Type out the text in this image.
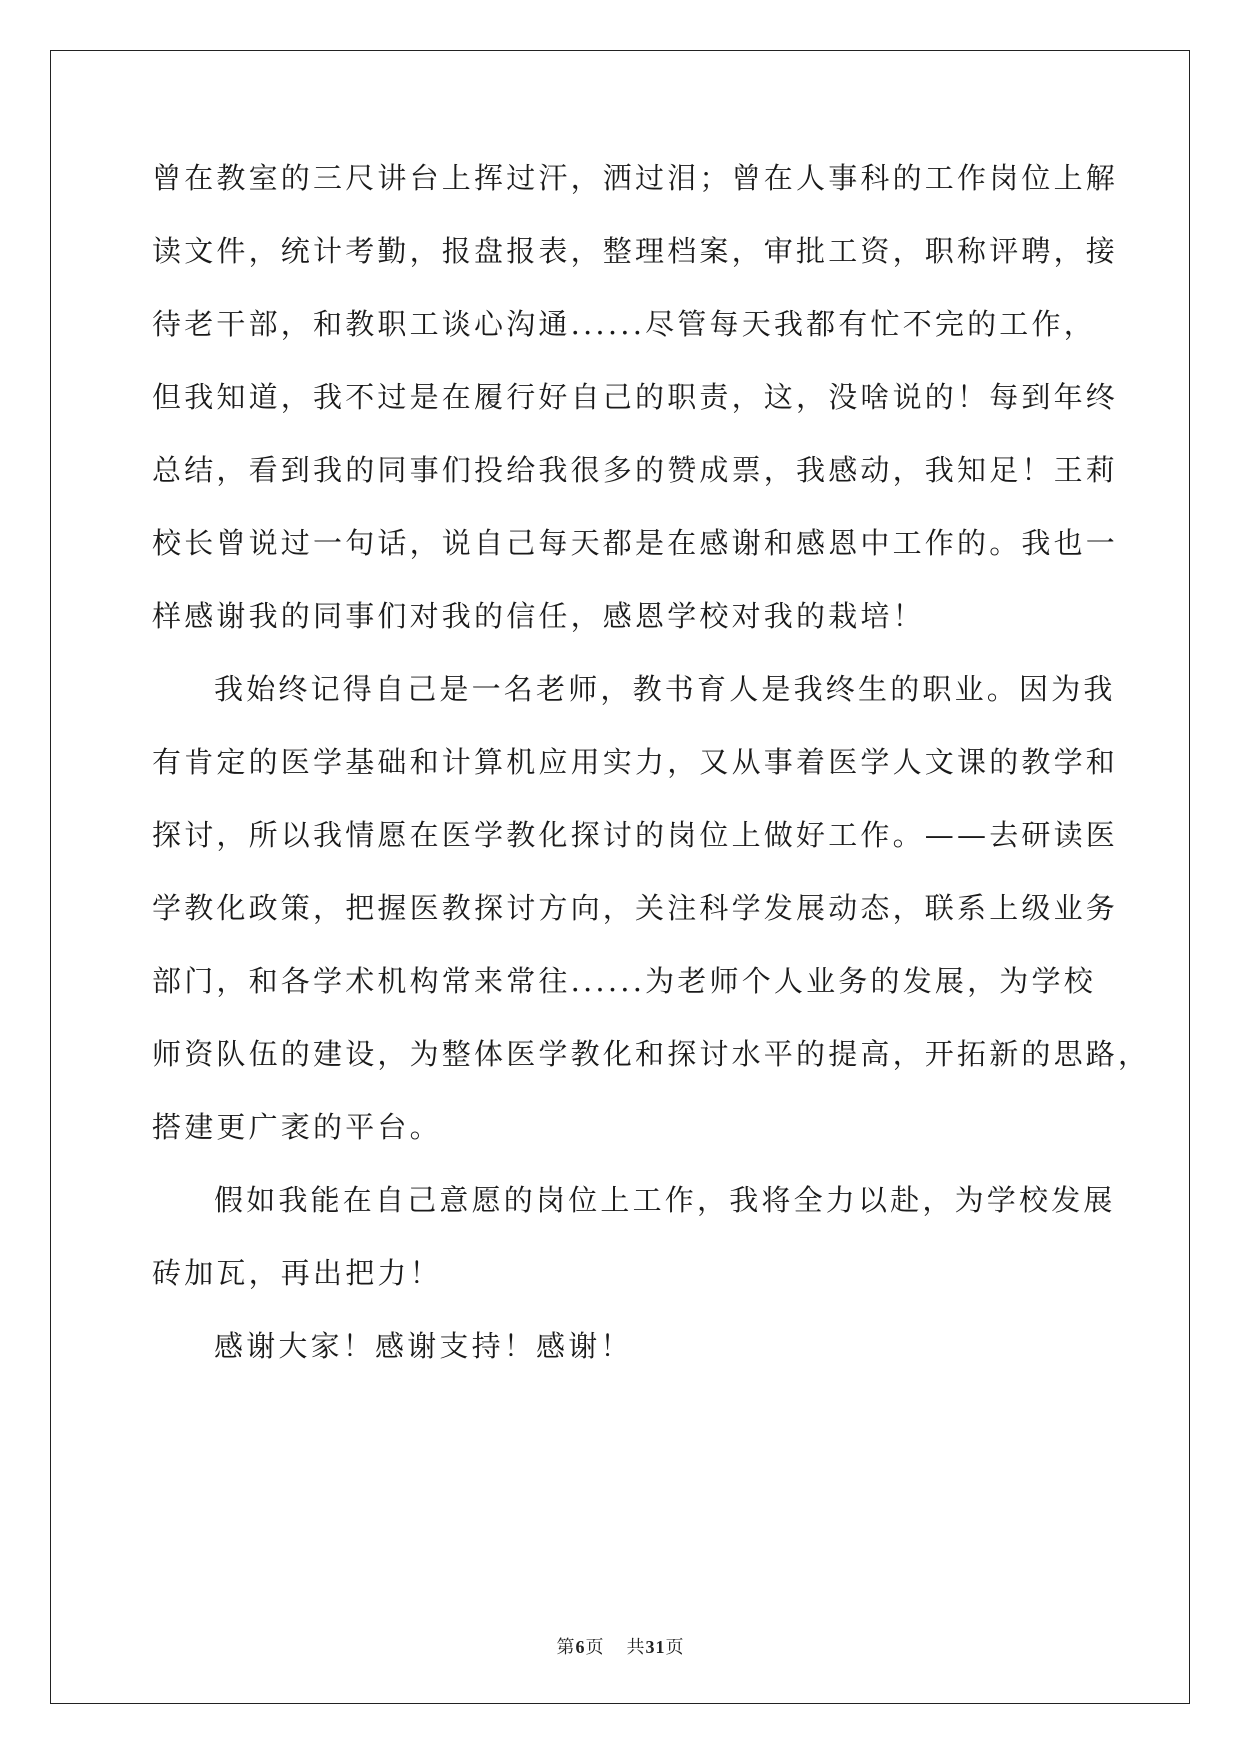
曾在教室的三尺讲台上挥过汗，洒过泪；曾在人事科的工作岗位上解
读文件，统计考勤，报盘报表，整理档案，审批工资，职称评聘，接
待老干部，和教职工谈心沟通......尽管每天我都有忙不完的工作，
但我知道，我不过是在履行好自己的职责，这，没啥说的！每到年终
总结，看到我的同事们投给我很多的赞成票，我感动，我知足！王莉
校长曾说过一句话，说自己每天都是在感谢和感恩中工作的。我也一
样感谢我的同事们对我的信任，感恩学校对我的栽培！
我始终记得自己是一名老师，教书育人是我终生的职业。因为我
有肯定的医学基础和计算机应用实力，又从事着医学人文课的教学和
探讨，所以我情愿在医学教化探讨的岗位上做好工作。——去研读医
学教化政策，把握医教探讨方向，关注科学发展动态，联系上级业务
部门，和各学术机构常来常往......为老师个人业务的发展，为学校
师资队伍的建设，为整体医学教化和探讨水平的提高，开拓新的思路，
搭建更广袤的平台。
假如我能在自己意愿的岗位上工作，我将全力以赴，为学校发展
砖加瓦，再出把力！
感谢大家！感谢支持！感谢！
第6页 共31页
